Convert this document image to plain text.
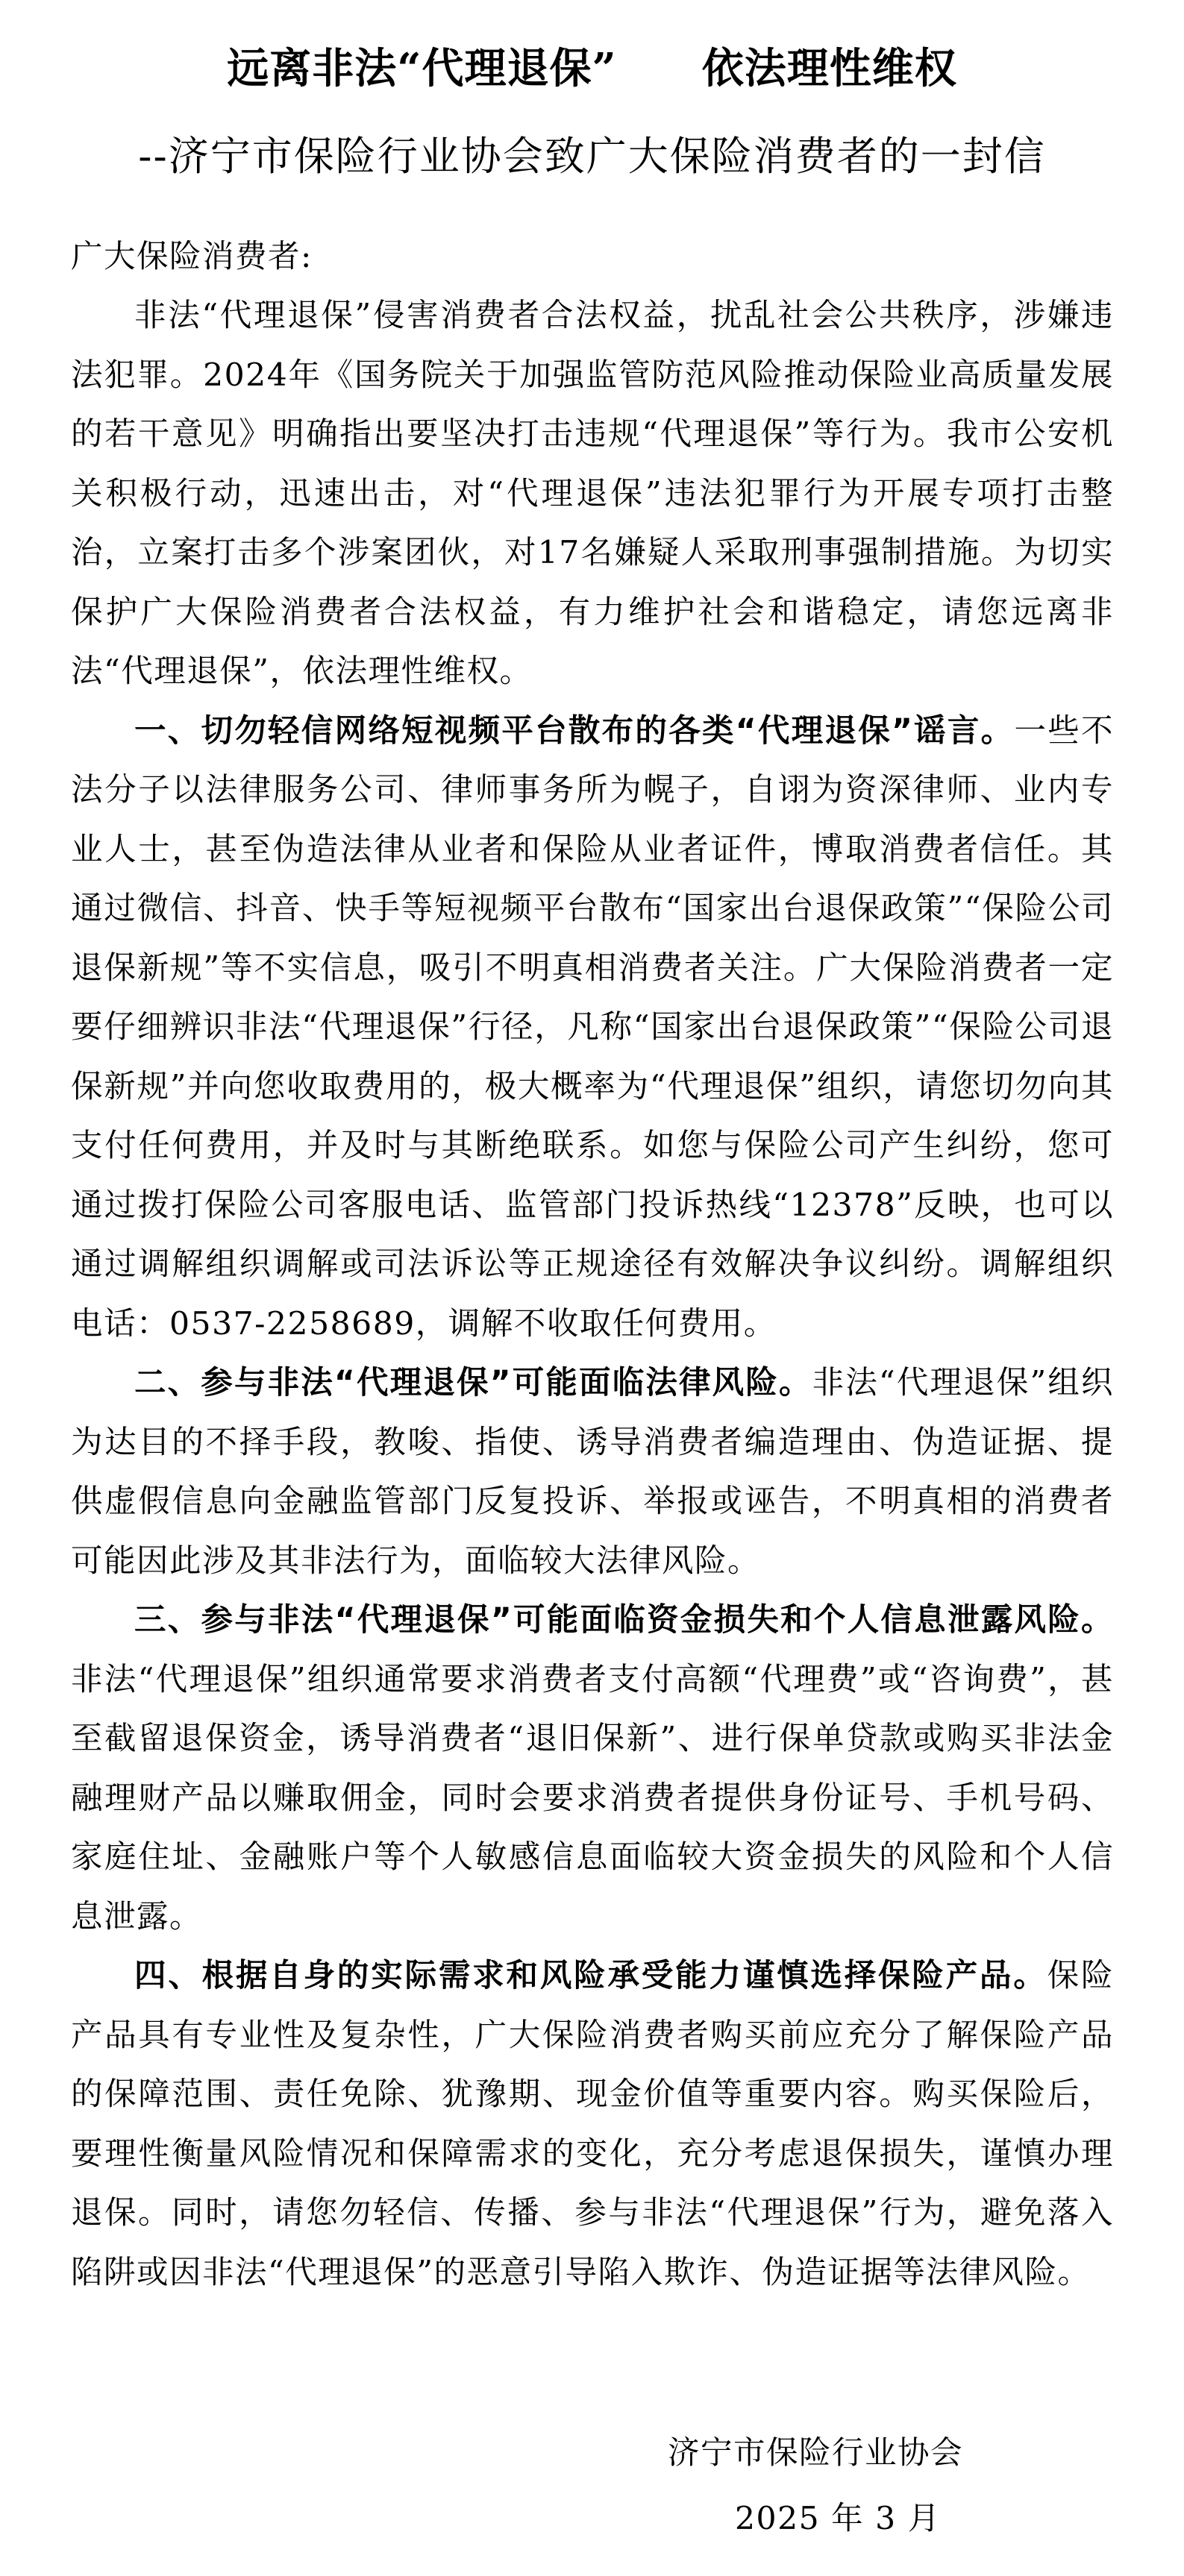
远离非法“代理退保”　　依法理性维权
--济宁市保险行业协会致广大保险消费者的一封信
广大保险消费者:

非法“代理退保”侵害消费者合法权益，扰乱社会公共秩序，涉嫌违法犯罪。2024年《国务院关于加强监管防范风险推动保险业高质量发展的若干意见》明确指出要坚决打击违规“代理退保”等行为。我市公安机关积极行动，迅速出击，对“代理退保”违法犯罪行为开展专项打击整治，立案打击多个涉案团伙，对17名嫌疑人采取刑事强制措施。为切实保护广大保险消费者合法权益，有力维护社会和谐稳定，请您远离非法“代理退保”，依法理性维权。

一、切勿轻信网络短视频平台散布的各类“代理退保”谣言。一些不法分子以法律服务公司、律师事务所为幌子，自诩为资深律师、业内专业人士，甚至伪造法律从业者和保险从业者证件，博取消费者信任。其通过微信、抖音、快手等短视频平台散布“国家出台退保政策”“保险公司退保新规”等不实信息，吸引不明真相消费者关注。广大保险消费者一定要仔细辨识非法“代理退保”行径，凡称“国家出台退保政策”“保险公司退保新规”并向您收取费用的，极大概率为“代理退保”组织，请您切勿向其支付任何费用，并及时与其断绝联系。如您与保险公司产生纠纷，您可通过拨打保险公司客服电话、监管部门投诉热线“12378”反映，也可以通过调解组织调解或司法诉讼等正规途径有效解决争议纠纷。调解组织电话：0537-2258689，调解不收取任何费用。

二、参与非法“代理退保”可能面临法律风险。非法“代理退保”组织为达目的不择手段，教唆、指使、诱导消费者编造理由、伪造证据、提供虚假信息向金融监管部门反复投诉、举报或诬告，不明真相的消费者可能因此涉及其非法行为，面临较大法律风险。

三、参与非法“代理退保”可能面临资金损失和个人信息泄露风险。非法“代理退保”组织通常要求消费者支付高额“代理费”或“咨询费”，甚至截留退保资金，诱导消费者“退旧保新”、进行保单贷款或购买非法金融理财产品以赚取佣金，同时会要求消费者提供身份证号、手机号码、家庭住址、金融账户等个人敏感信息面临较大资金损失的风险和个人信息泄露。

四、根据自身的实际需求和风险承受能力谨慎选择保险产品。保险产品具有专业性及复杂性，广大保险消费者购买前应充分了解保险产品的保障范围、责任免除、犹豫期、现金价值等重要内容。购买保险后，要理性衡量风险情况和保障需求的变化，充分考虑退保损失，谨慎办理退保。同时，请您勿轻信、传播、参与非法“代理退保”行为，避免落入陷阱或因非法“代理退保”的恶意引导陷入欺诈、伪造证据等法律风险。

济宁市保险行业协会
2025 年 3 月
